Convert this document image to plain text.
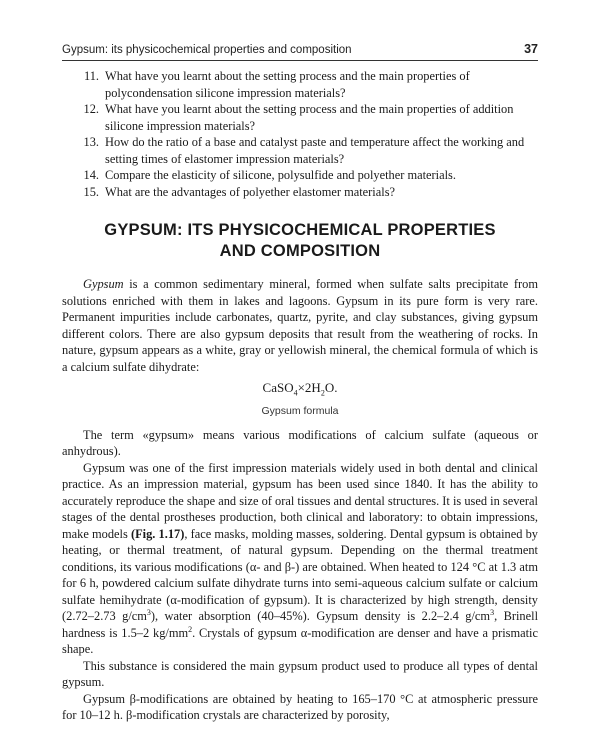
Gypsum: its physicochemical properties and composition	37
11. What have you learnt about the setting process and the main properties of polycondensation silicone impression materials?
12. What have you learnt about the setting process and the main properties of addition silicone impression materials?
13. How do the ratio of a base and catalyst paste and temperature affect the working and setting times of elastomer impression materials?
14. Compare the elasticity of silicone, polysulfide and polyether materials.
15. What are the advantages of polyether elastomer materials?
GYPSUM: ITS PHYSICOCHEMICAL PROPERTIES
AND COMPOSITION

Gypsum is a common sedimentary mineral, formed when sulfate salts precipitate from solutions enriched with them in lakes and lagoons. Gypsum in its pure form is very rare. Permanent impurities include carbonates, quartz, pyrite, and clay substances, giving gypsum different colors. There are also gypsum deposits that result from the weathering of rocks. In nature, gypsum appears as a white, gray or yellowish mineral, the chemical formula of which is a calcium sulfate dihydrate:

$CaSO_4\times 2H_2O$.
Gypsum formula

The term «gypsum» means various modifications of calcium sulfate (aqueous or anhydrous).

Gypsum was one of the first impression materials widely used in both dental and clinical practice. As an impression material, gypsum has been used since 1840. It has the ability to accurately reproduce the shape and size of oral tissues and dental structures. It is used in several stages of the dental prostheses production, both clinical and laboratory: to obtain impressions, make models (Fig. 1.17), face masks, molding masses, soldering. Dental gypsum is obtained by heating, or thermal treatment, of natural gypsum. Depending on the thermal treatment conditions, its various modifications (α- and β-) are obtained. When heated to 124 °C at 1.3 atm for 6 h, powdered calcium sulfate dihydrate turns into semi-aqueous calcium sulfate or calcium sulfate hemihydrate (α-modification of gypsum). It is characterized by high strength, density (2.72–2.73 $g/cm^3$), water absorption (40–45%). Gypsum density is 2.2–2.4 $g/cm^3$, Brinell hardness is 1.5–2 $kg/mm^2$. Crystals of gypsum α-modification are denser and have a prismatic shape.

This substance is considered the main gypsum product used to produce all types of dental gypsum.

Gypsum β-modifications are obtained by heating to 165–170 °C at atmospheric pressure for 10–12 h. β-modification crystals are characterized by porosity,
